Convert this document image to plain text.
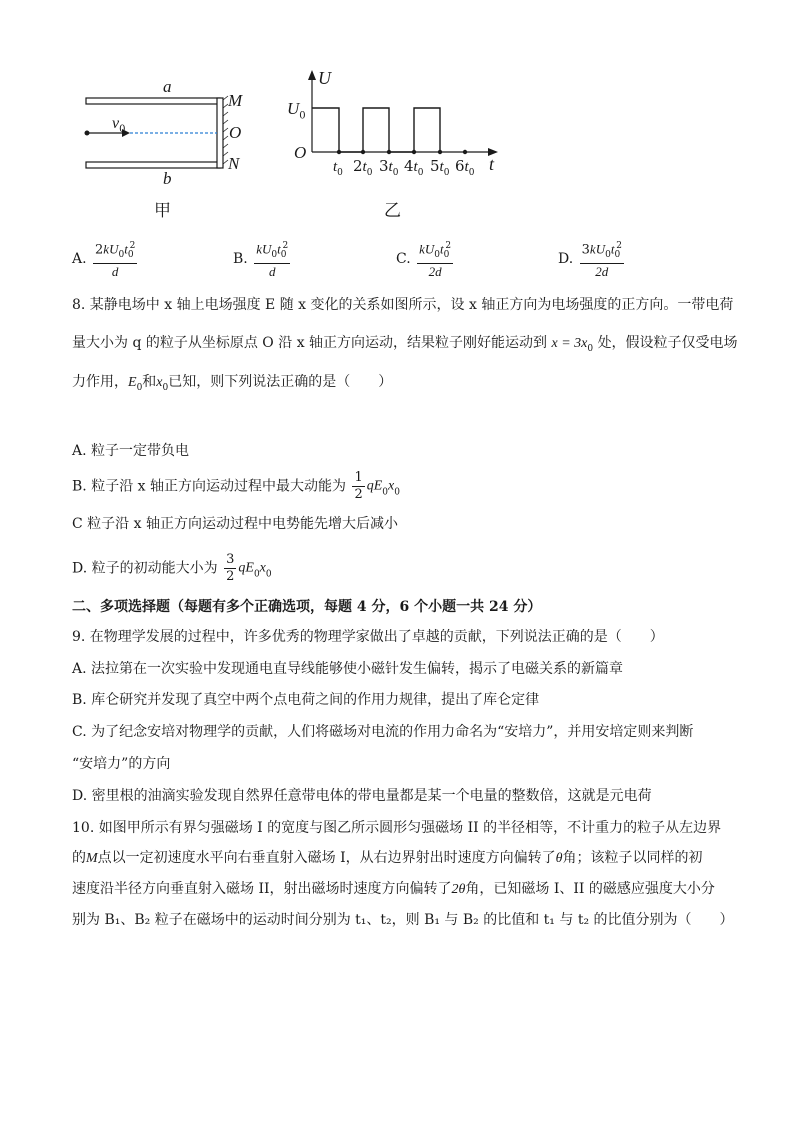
a
b
M
O
N
$v_0$
甲
U
$U_0$
O
t
$t_0$ $2t_0$ $3t_0$ $4t_0$ $5t_0$ $6t_0$
乙
A. $\frac{2kU_0t_0^2}{d}$	B. $\frac{kU_0t_0^2}{d}$	C. $\frac{kU_0t_0^2}{2d}$	D. $\frac{3kU_0t_0^2}{2d}$
8. 某静电场中 x 轴上电场强度 E 随 x 变化的关系如图所示，设 x 轴正方向为电场强度的正方向。一带电荷
量大小为 q 的粒子从坐标原点 O 沿 x 轴正方向运动，结果粒子刚好能运动到 $x = 3x_0$ 处，假设粒子仅受电场
力作用，$E_0$和$x_0$已知，则下列说法正确的是（　　）
A. 粒子一定带负电
B. 粒子沿 x 轴正方向运动过程中最大动能为 $\frac{1}{2} qE_0x_0$
C 粒子沿 x 轴正方向运动过程中电势能先增大后减小
D. 粒子的初动能大小为 $\frac{3}{2} qE_0x_0$
二、多项选择题（每题有多个正确选项，每题 4 分，6 个小题一共 24 分）
9. 在物理学发展的过程中，许多优秀的物理学家做出了卓越的贡献，下列说法正确的是（　　）
A. 法拉第在一次实验中发现通电直导线能够使小磁针发生偏转，揭示了电磁关系的新篇章
B. 库仑研究并发现了真空中两个点电荷之间的作用力规律，提出了库仑定律
C. 为了纪念安培对物理学的贡献，人们将磁场对电流的作用力命名为“安培力”，并用安培定则来判断
“安培力”的方向
D. 密里根的油滴实验发现自然界任意带电体的带电量都是某一个电量的整数倍，这就是元电荷
10. 如图甲所示有界匀强磁场 I 的宽度与图乙所示圆形匀强磁场 II 的半径相等，不计重力的粒子从左边界
的M点以一定初速度水平向右垂直射入磁场 I，从右边界射出时速度方向偏转了θ角；该粒子以同样的初
速度沿半径方向垂直射入磁场 II，射出磁场时速度方向偏转了2θ角，已知磁场 I、II 的磁感应强度大小分
别为 B₁、B₂ 粒子在磁场中的运动时间分别为 t₁、t₂，则 B₁ 与 B₂ 的比值和 t₁ 与 t₂ 的比值分别为（　　）
